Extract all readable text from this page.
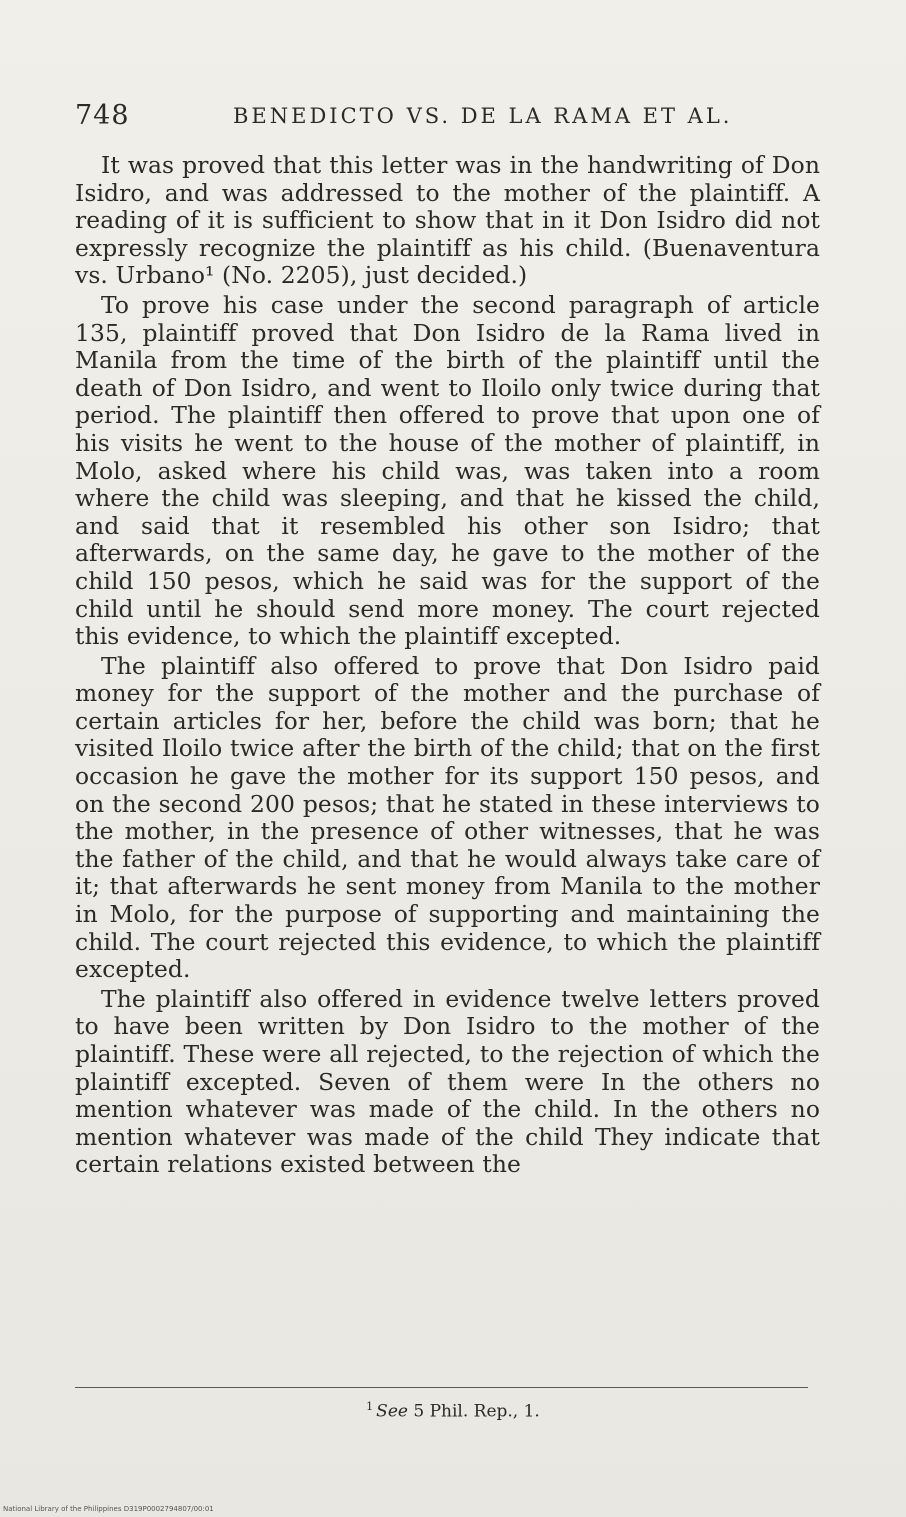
748	BENEDICTO VS. DE LA RAMA ET AL.

It was proved that this letter was in the handwriting of Don Isidro, and was addressed to the mother of the plaintiff. A reading of it is sufficient to show that in it Don Isidro did not expressly recognize the plaintiff as his child. (Buenaventura vs. Urbano¹ (No. 2205), just decided.)

To prove his case under the second paragraph of article 135, plaintiff proved that Don Isidro de la Rama lived in Manila from the time of the birth of the plaintiff until the death of Don Isidro, and went to Iloilo only twice during that period. The plaintiff then offered to prove that upon one of his visits he went to the house of the mother of plaintiff, in Molo, asked where his child was, was taken into a room where the child was sleeping, and that he kissed the child, and said that it resembled his other son Isidro; that afterwards, on the same day, he gave to the mother of the child 150 pesos, which he said was for the support of the child until he should send more money. The court rejected this evidence, to which the plaintiff excepted.

The plaintiff also offered to prove that Don Isidro paid money for the support of the mother and the purchase of certain articles for her, before the child was born; that he visited Iloilo twice after the birth of the child; that on the first occasion he gave the mother for its support 150 pesos, and on the second 200 pesos; that he stated in these interviews to the mother, in the presence of other witnesses, that he was the father of the child, and that he would always take care of it; that afterwards he sent money from Manila to the mother in Molo, for the purpose of supporting and maintaining the child. The court rejected this evidence, to which the plaintiff excepted.

The plaintiff also offered in evidence twelve letters proved to have been written by Don Isidro to the mother of the plaintiff. These were all rejected, to the rejection of which the plaintiff excepted. Seven of them were In the others no mention whatever was made of the child. In the others no mention whatever was made of the child They indicate that certain relations existed between the

$^1$ See 5 Phil. Rep., 1.
National Library of the Philippines D319P0002794807/00:01
